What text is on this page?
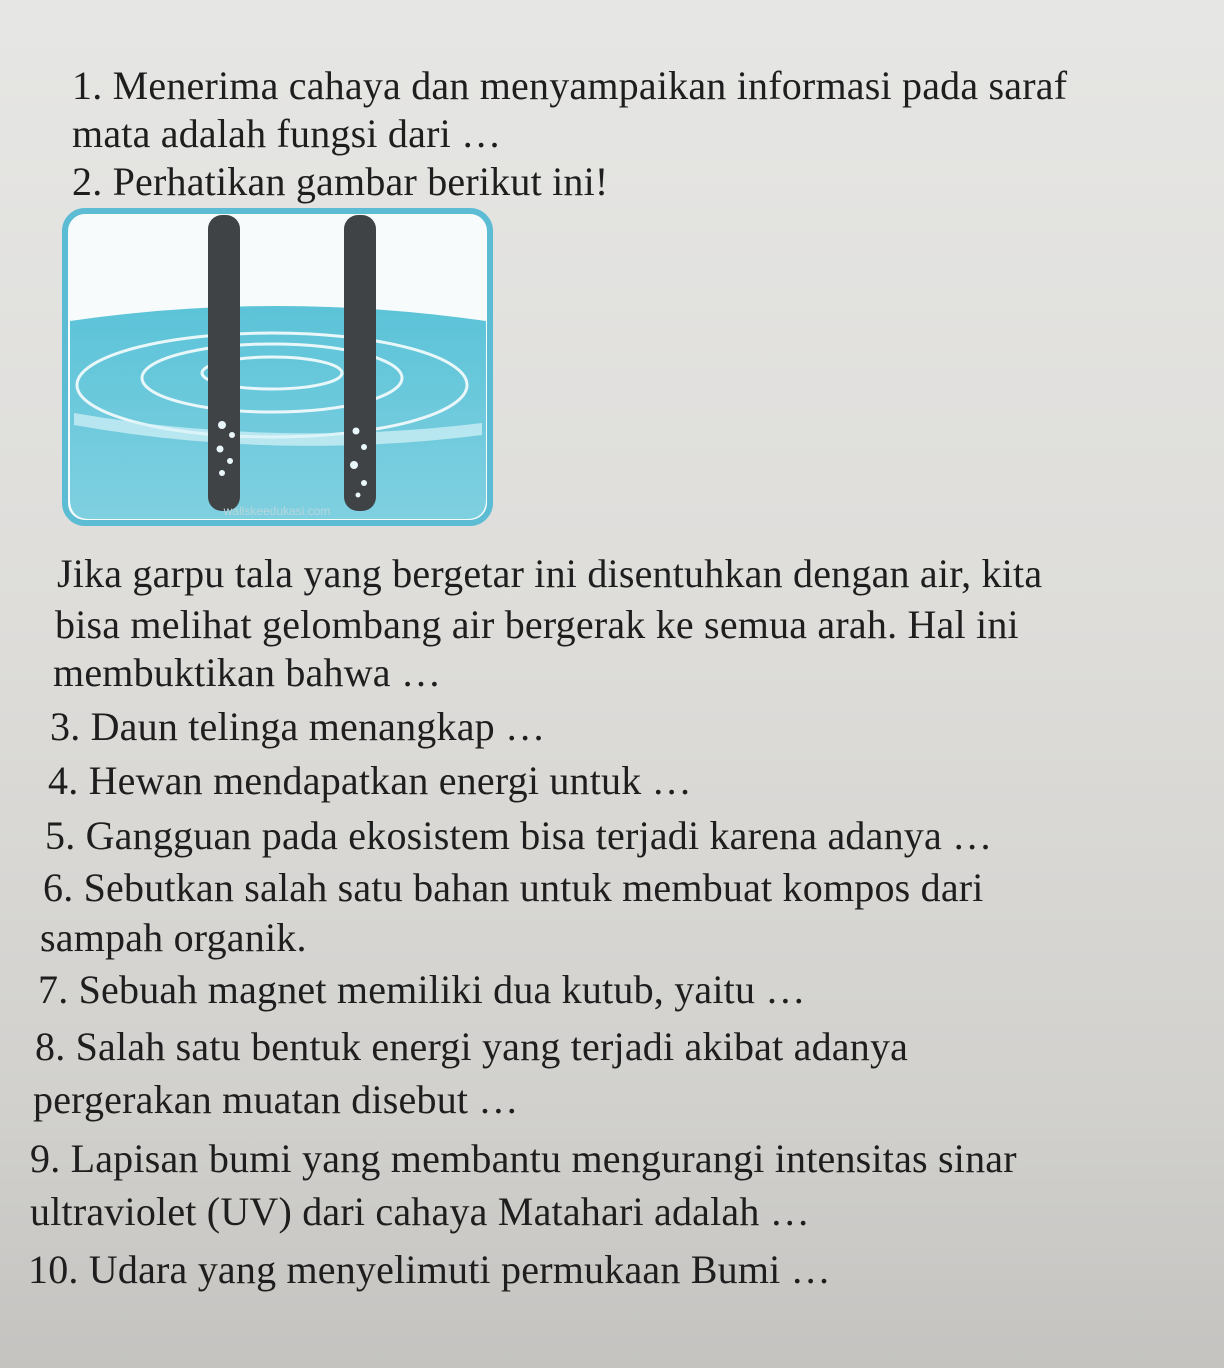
1. Menerima cahaya dan menyampaikan informasi pada saraf
mata adalah fungsi dari …
2. Perhatikan gambar berikut ini!
wallskeedukasi.com
Jika garpu tala yang bergetar ini disentuhkan dengan air, kita
bisa melihat gelombang air bergerak ke semua arah. Hal ini
membuktikan bahwa …
3. Daun telinga menangkap …
4. Hewan mendapatkan energi untuk …
5. Gangguan pada ekosistem bisa terjadi karena adanya …
6. Sebutkan salah satu bahan untuk membuat kompos dari
sampah organik.
7. Sebuah magnet memiliki dua kutub, yaitu …
8. Salah satu bentuk energi yang terjadi akibat adanya
pergerakan muatan disebut …
9. Lapisan bumi yang membantu mengurangi intensitas sinar
ultraviolet (UV) dari cahaya Matahari adalah …
10. Udara yang menyelimuti permukaan Bumi …
